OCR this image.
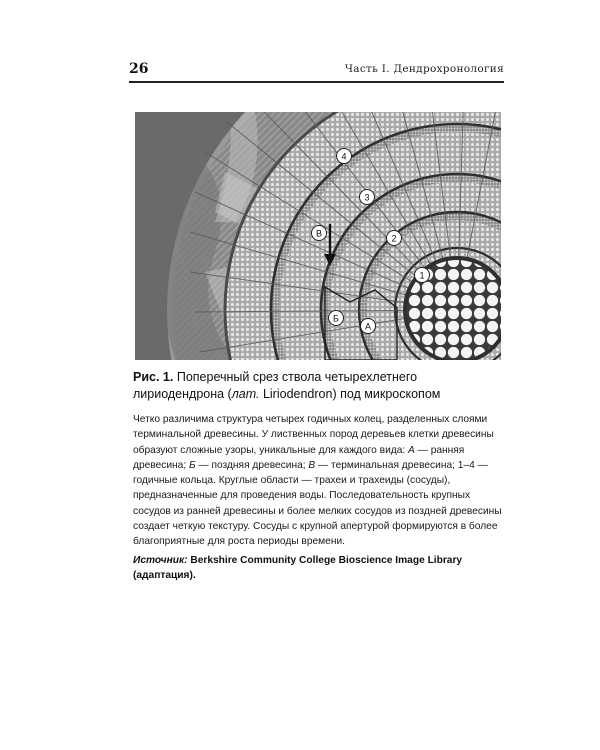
26	Часть I. Дендрохронология
4
3
2
1
В
Б
А
Рис. 1. Поперечный срез ствола четырехлетнего лириодендрона (лат. Liriodendron) под микроскопом

Четко различима структура четырех годичных колец, разделенных слоями терминальной древесины. У лиственных пород деревьев клетки древесины образуют сложные узоры, уникальные для каждого вида: А — ранняя древесина; Б — поздняя древесина; В — терминальная древесина; 1–4 — годичные кольца. Круглые области — трахеи и трахеиды (сосуды), предназначенные для проведения воды. Последовательность крупных сосудов из ранней древесины и более мелких сосудов из поздней древесины создает четкую текстуру. Сосуды с крупной апертурой формируются в более благоприятные для роста периоды времени.

Источник: Berkshire Community College Bioscience Image Library (адаптация).
